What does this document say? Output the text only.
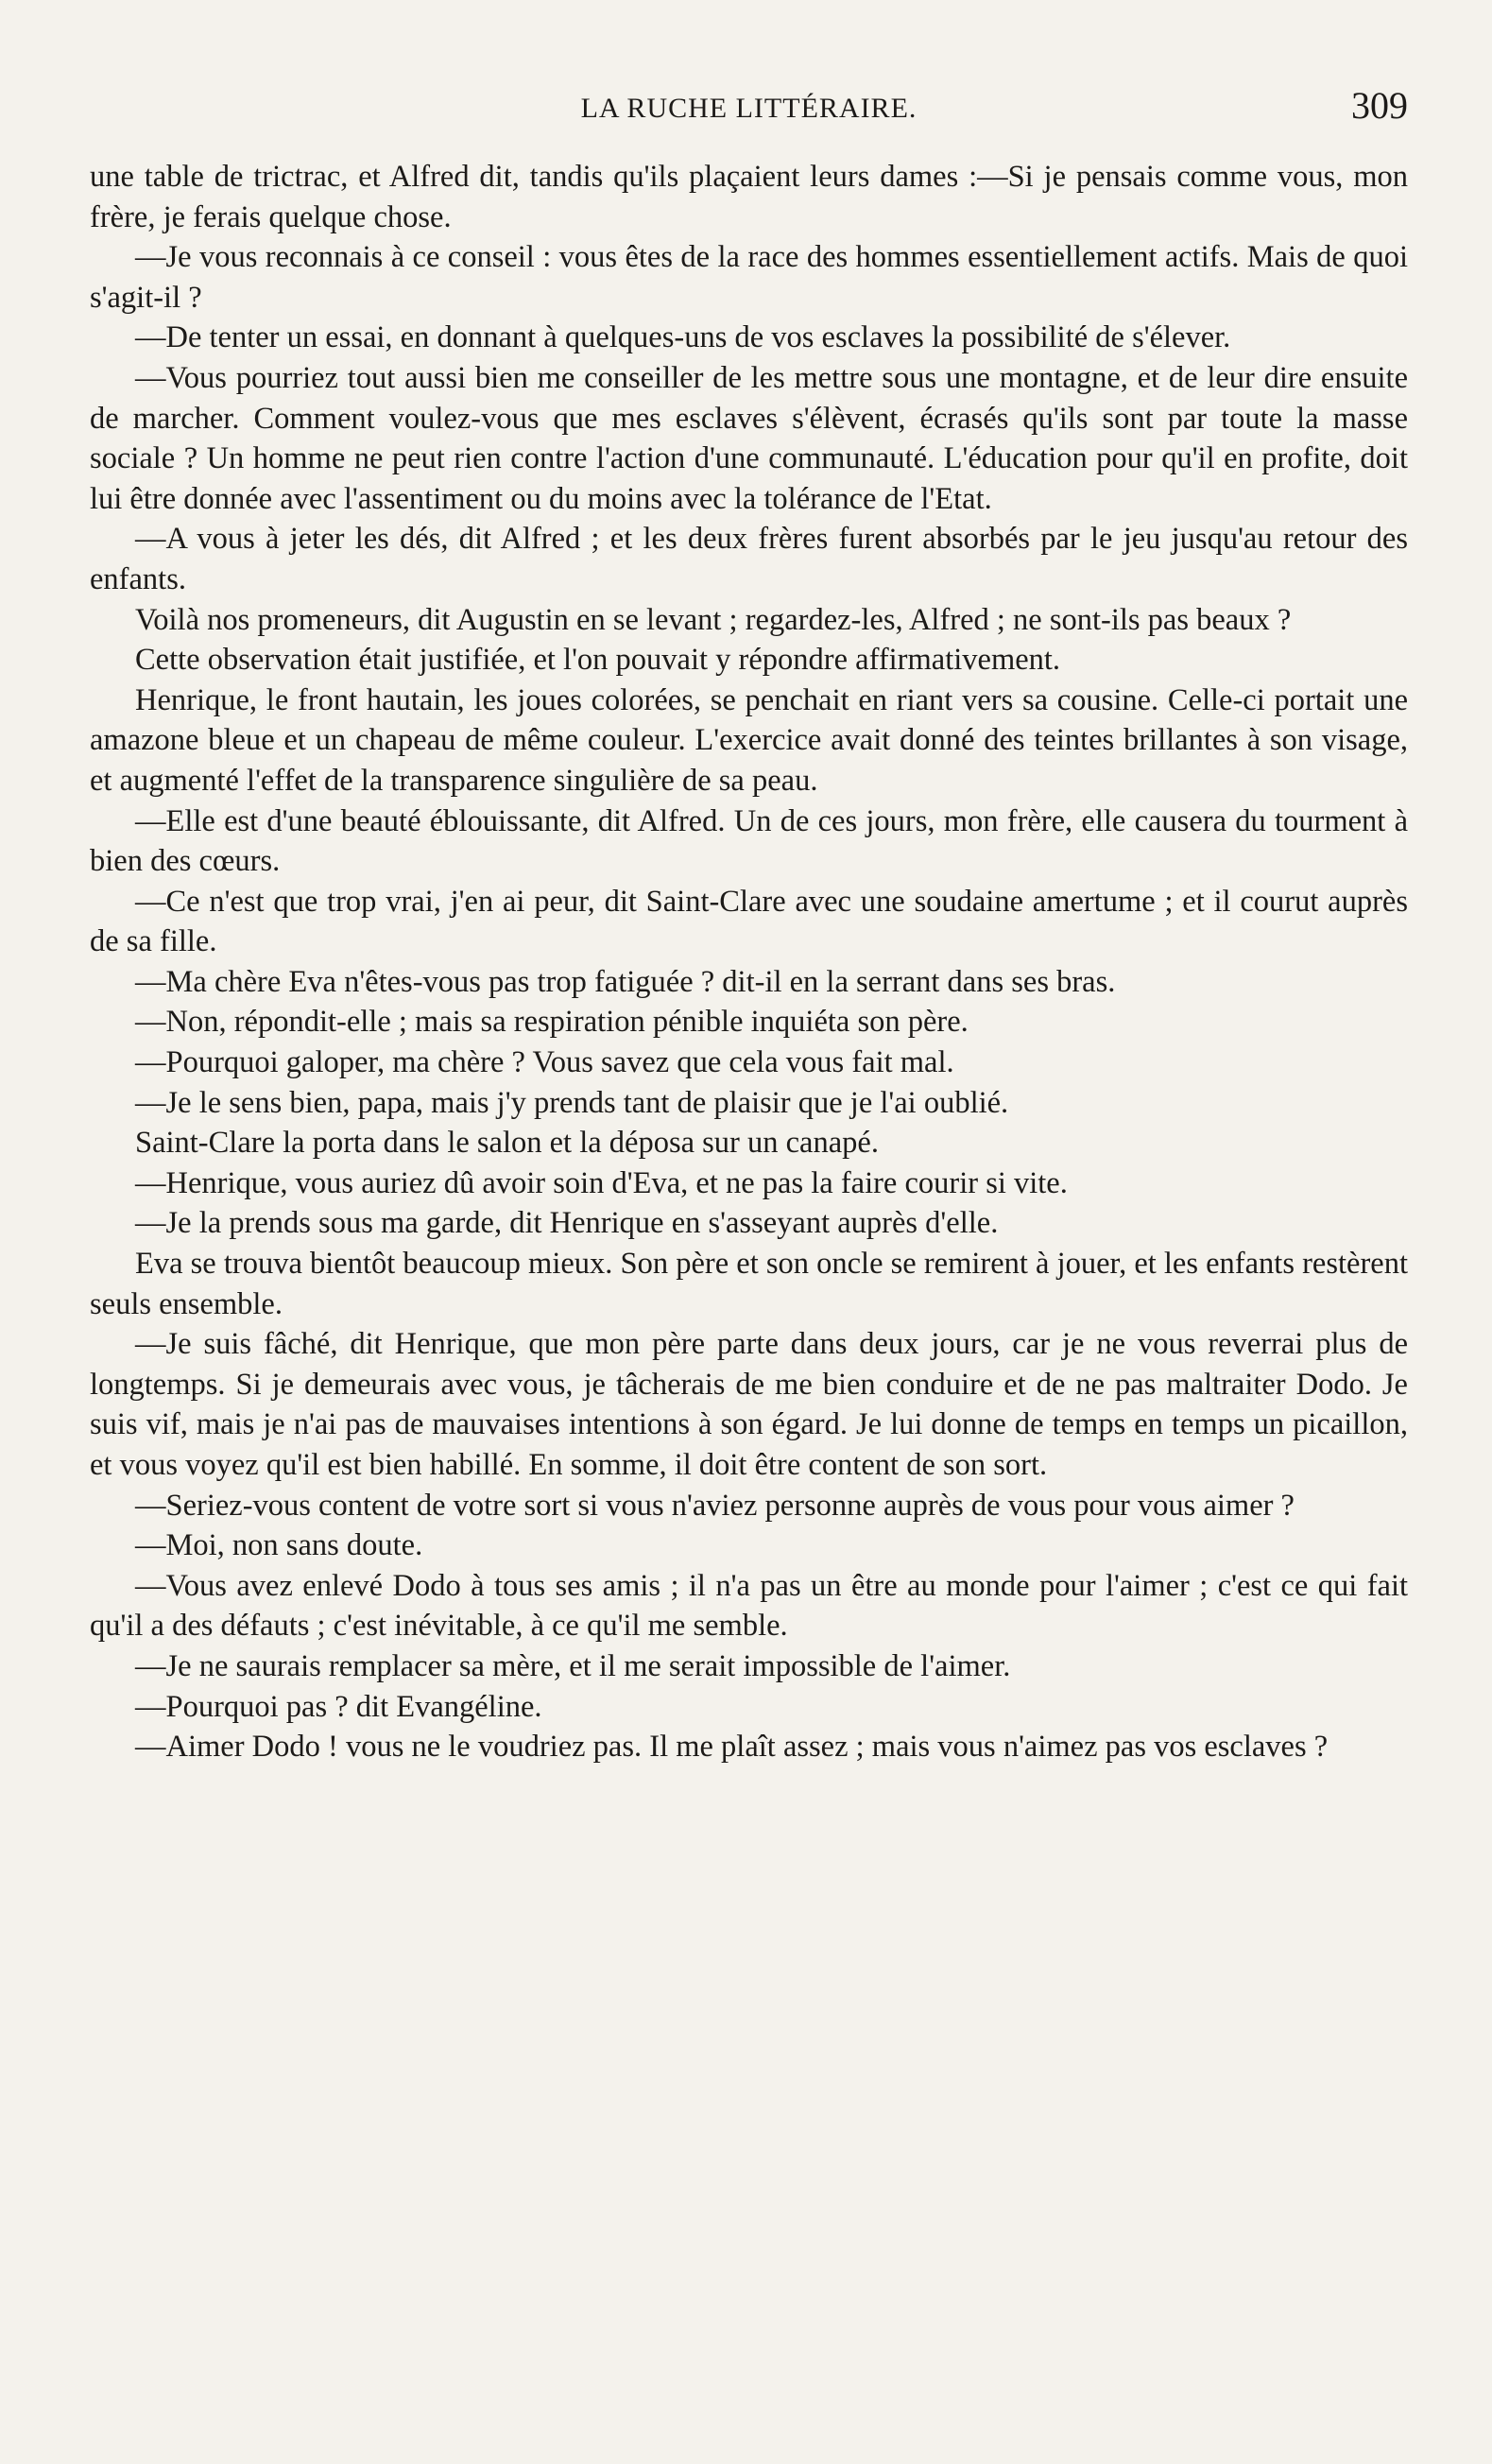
LA RUCHE LITTÉRAIRE.	309

une table de trictrac, et Alfred dit, tandis qu'ils plaçaient leurs dames :—Si je pensais comme vous, mon frère, je ferais quelque chose.

—Je vous reconnais à ce conseil : vous êtes de la race des hommes essentiellement actifs. Mais de quoi s'agit-il ?

—De tenter un essai, en donnant à quelques-uns de vos esclaves la possibilité de s'élever.

—Vous pourriez tout aussi bien me conseiller de les mettre sous une montagne, et de leur dire ensuite de marcher. Comment voulez-vous que mes esclaves s'élèvent, écrasés qu'ils sont par toute la masse sociale ? Un homme ne peut rien contre l'action d'une communauté. L'éducation pour qu'il en profite, doit lui être donnée avec l'assentiment ou du moins avec la tolérance de l'Etat.

—A vous à jeter les dés, dit Alfred ; et les deux frères furent absorbés par le jeu jusqu'au retour des enfants.

Voilà nos promeneurs, dit Augustin en se levant ; regardez-les, Alfred ; ne sont-ils pas beaux ?

Cette observation était justifiée, et l'on pouvait y répondre affirmativement.

Henrique, le front hautain, les joues colorées, se penchait en riant vers sa cousine. Celle-ci portait une amazone bleue et un chapeau de même couleur. L'exercice avait donné des teintes brillantes à son visage, et augmenté l'effet de la transparence singulière de sa peau.

—Elle est d'une beauté éblouissante, dit Alfred. Un de ces jours, mon frère, elle causera du tourment à bien des cœurs.

—Ce n'est que trop vrai, j'en ai peur, dit Saint-Clare avec une soudaine amertume ; et il courut auprès de sa fille.

—Ma chère Eva n'êtes-vous pas trop fatiguée ? dit-il en la serrant dans ses bras.

—Non, répondit-elle ; mais sa respiration pénible inquiéta son père.

—Pourquoi galoper, ma chère ? Vous savez que cela vous fait mal.

—Je le sens bien, papa, mais j'y prends tant de plaisir que je l'ai oublié.

Saint-Clare la porta dans le salon et la déposa sur un canapé.

—Henrique, vous auriez dû avoir soin d'Eva, et ne pas la faire courir si vite.

—Je la prends sous ma garde, dit Henrique en s'asseyant auprès d'elle.

Eva se trouva bientôt beaucoup mieux. Son père et son oncle se remirent à jouer, et les enfants restèrent seuls ensemble.

—Je suis fâché, dit Henrique, que mon père parte dans deux jours, car je ne vous reverrai plus de longtemps. Si je demeurais avec vous, je tâcherais de me bien conduire et de ne pas maltraiter Dodo. Je suis vif, mais je n'ai pas de mauvaises intentions à son égard. Je lui donne de temps en temps un picaillon, et vous voyez qu'il est bien habillé. En somme, il doit être content de son sort.

—Seriez-vous content de votre sort si vous n'aviez personne auprès de vous pour vous aimer ?

—Moi, non sans doute.

—Vous avez enlevé Dodo à tous ses amis ; il n'a pas un être au monde pour l'aimer ; c'est ce qui fait qu'il a des défauts ; c'est inévitable, à ce qu'il me semble.

—Je ne saurais remplacer sa mère, et il me serait impossible de l'aimer.

—Pourquoi pas ? dit Evangéline.

—Aimer Dodo ! vous ne le voudriez pas. Il me plaît assez ; mais vous n'aimez pas vos esclaves ?
